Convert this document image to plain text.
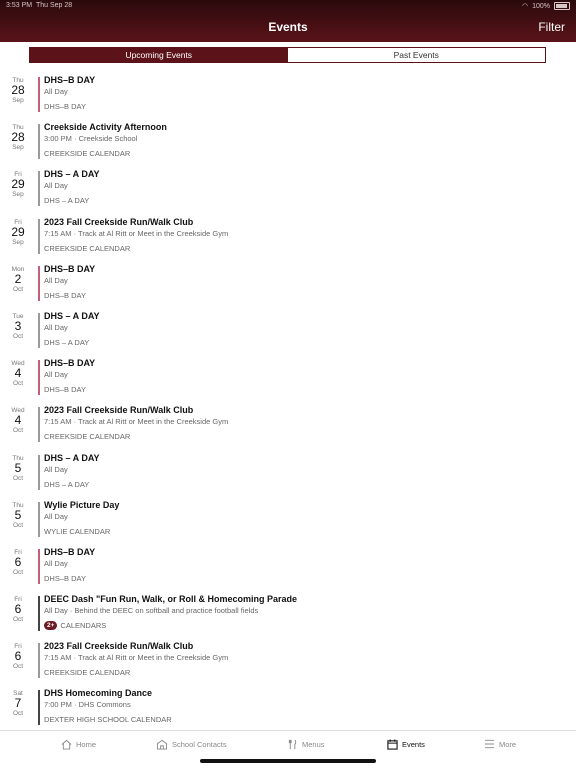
3:53 PM Thu Sep 28	◠ 100%
Events	Filter
Upcoming Events	Past Events
Thu
28
Sep
DHS–B DAY
All Day
DHS–B DAY
Thu
28
Sep
Creekside Activity Afternoon
3:00 PM · Creekside School
CREEKSIDE CALENDAR
Fri
29
Sep
DHS – A DAY
All Day
DHS – A DAY
Fri
29
Sep
2023 Fall Creekside Run/Walk Club
7:15 AM · Track at Al Ritt or Meet in the Creekside Gym
CREEKSIDE CALENDAR
Mon
2
Oct
DHS–B DAY
All Day
DHS–B DAY
Tue
3
Oct
DHS – A DAY
All Day
DHS – A DAY
Wed
4
Oct
DHS–B DAY
All Day
DHS–B DAY
Wed
4
Oct
2023 Fall Creekside Run/Walk Club
7:15 AM · Track at Al Ritt or Meet in the Creekside Gym
CREEKSIDE CALENDAR
Thu
5
Oct
DHS – A DAY
All Day
DHS – A DAY
Thu
5
Oct
Wylie Picture Day
All Day
WYLIE CALENDAR
Fri
6
Oct
DHS–B DAY
All Day
DHS–B DAY
Fri
6
Oct
DEEC Dash "Fun Run, Walk, or Roll & Homecoming Parade
All Day · Behind the DEEC on softball and practice football fields
2+ CALENDARS
Fri
6
Oct
2023 Fall Creekside Run/Walk Club
7:15 AM · Track at Al Ritt or Meet in the Creekside Gym
CREEKSIDE CALENDAR
Sat
7
Oct
DHS Homecoming Dance
7:00 PM · DHS Commons
DEXTER HIGH SCHOOL CALENDAR
Home	School Contacts	Menus	Events	More
